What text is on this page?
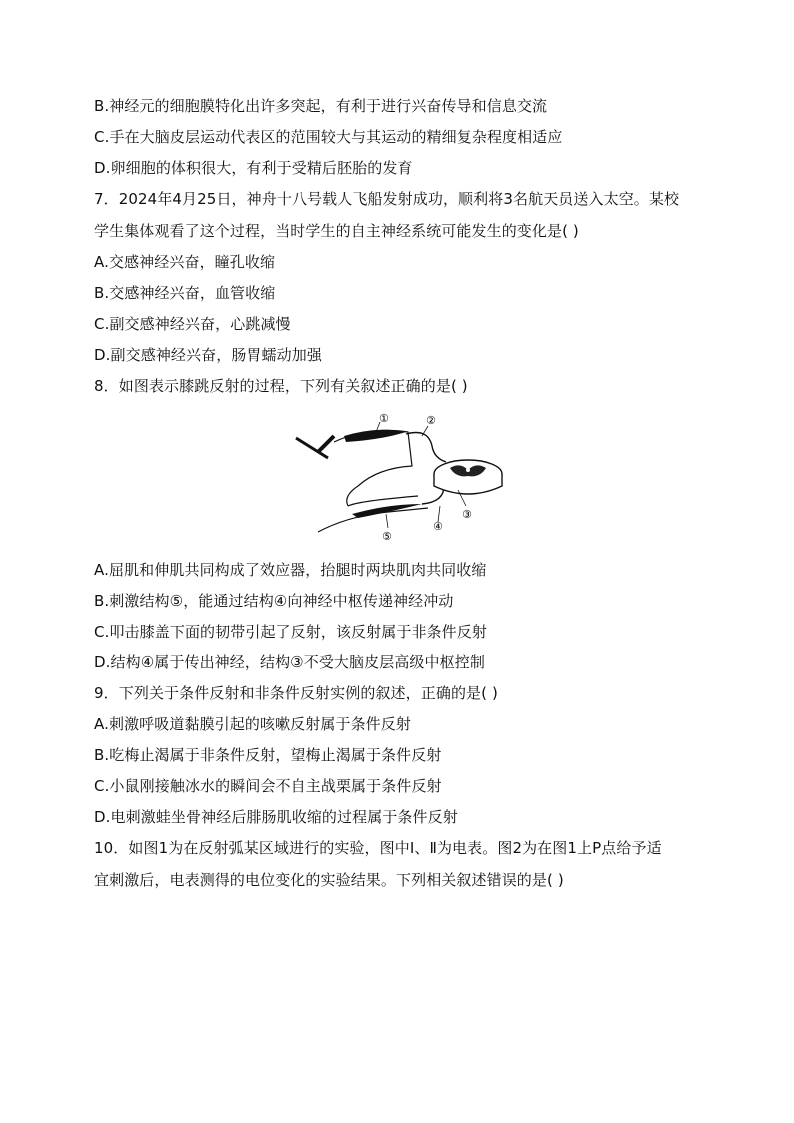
B.神经元的细胞膜特化出许多突起，有利于进行兴奋传导和信息交流
C.手在大脑皮层运动代表区的范围较大与其运动的精细复杂程度相适应
D.卵细胞的体积很大，有利于受精后胚胎的发育
7．2024年4月25日，神舟十八号载人飞船发射成功，顺利将3名航天员送入太空。某校
学生集体观看了这个过程，当时学生的自主神经系统可能发生的变化是( )
A.交感神经兴奋，瞳孔收缩
B.交感神经兴奋，血管收缩
C.副交感神经兴奋，心跳减慢
D.副交感神经兴奋，肠胃蠕动加强
8．如图表示膝跳反射的过程，下列有关叙述正确的是( )
①	②
③
④
⑤
A.屈肌和伸肌共同构成了效应器，抬腿时两块肌肉共同收缩
B.刺激结构⑤，能通过结构④向神经中枢传递神经冲动
C.叩击膝盖下面的韧带引起了反射，该反射属于非条件反射
D.结构④属于传出神经，结构③不受大脑皮层高级中枢控制
9．下列关于条件反射和非条件反射实例的叙述，正确的是( )
A.刺激呼吸道黏膜引起的咳嗽反射属于条件反射
B.吃梅止渴属于非条件反射，望梅止渴属于条件反射
C.小鼠刚接触冰水的瞬间会不自主战栗属于条件反射
D.电刺激蛙坐骨神经后腓肠肌收缩的过程属于条件反射
10．如图1为在反射弧某区域进行的实验，图中Ⅰ、Ⅱ为电表。图2为在图1上P点给予适
宜刺激后，电表测得的电位变化的实验结果。下列相关叙述错误的是( )
